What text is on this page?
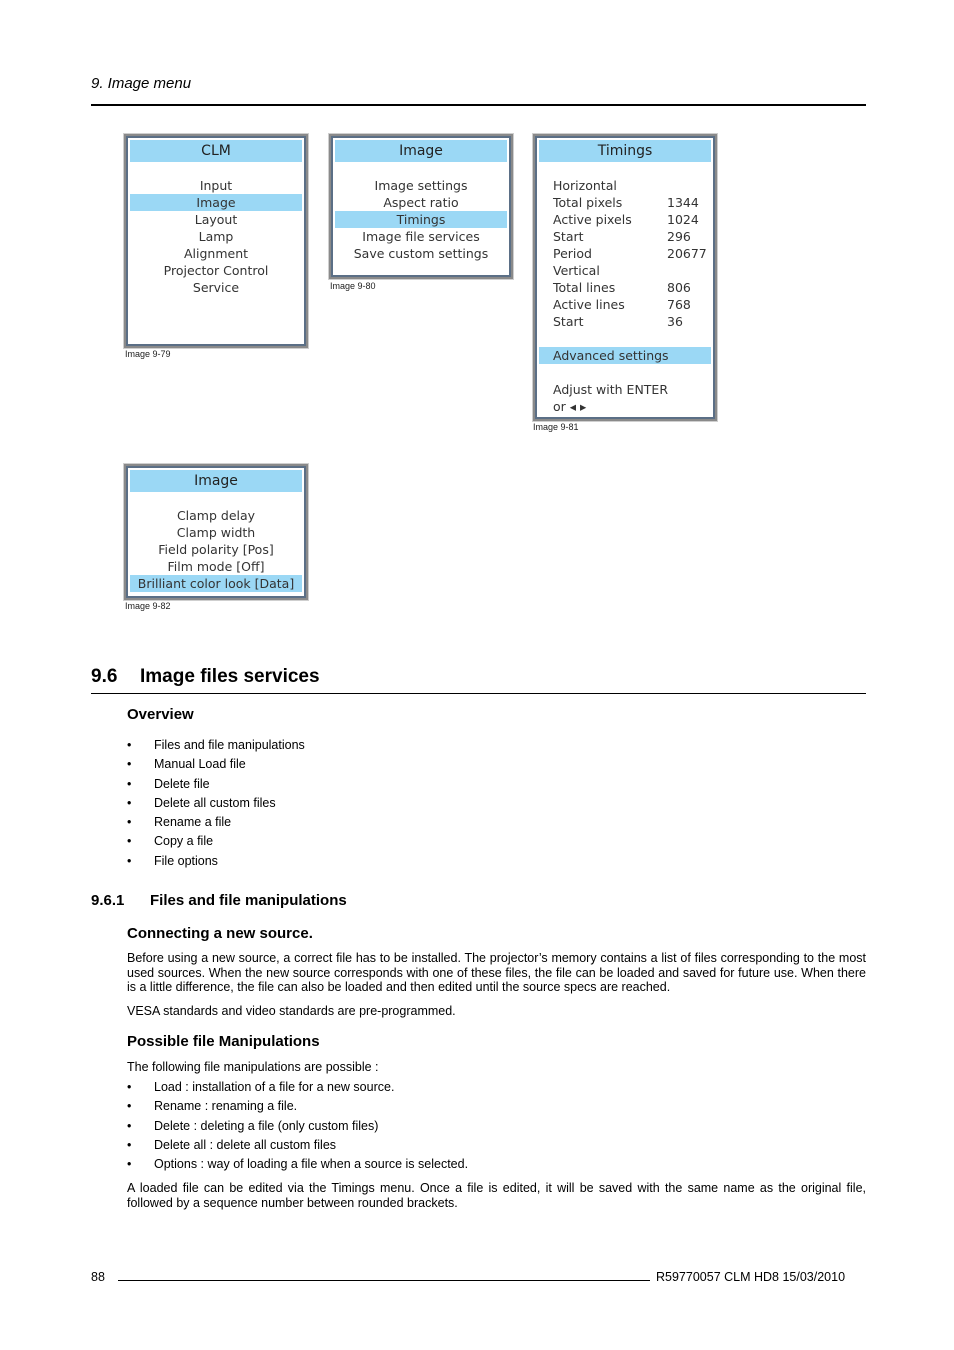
9. Image menu
CLM
Input
Image
Layout
Lamp
Alignment
Projector Control
Service
Image 9-79
Image
Image settings
Aspect ratio
Timings
Image file services
Save custom settings
Image 9-80
Timings
Horizontal
Total pixels	1344
Active pixels	1024
Start	296
Period	20677
Vertical
Total lines	806
Active lines	768
Start	36
Advanced settings
Adjust with ENTER
or ◂ ▸
Image 9-81
Image
Clamp delay
Clamp width
Field polarity [Pos]
Film mode [Off]
Brilliant color look [Data]
Image 9-82
9.6 Image files services
Overview
• Files and file manipulations
• Manual Load file
• Delete file
• Delete all custom files
• Rename a file
• Copy a file
• File options
9.6.1 Files and file manipulations
Connecting a new source.
Before using a new source, a correct file has to be installed. The projector’s memory contains a list of files corresponding to the most used sources. When the new source corresponds with one of these files, the file can be loaded and saved for future use. When there is a little difference, the file can also be loaded and then edited until the source specs are reached.
VESA standards and video standards are pre-programmed.
Possible file Manipulations
The following file manipulations are possible :
• Load : installation of a file for a new source.
• Rename : renaming a file.
• Delete : deleting a file (only custom files)
• Delete all : delete all custom files
• Options : way of loading a file when a source is selected.
A loaded file can be edited via the Timings menu. Once a file is edited, it will be saved with the same name as the original file, followed by a sequence number between rounded brackets.
88	R59770057 CLM HD8 15/03/2010
